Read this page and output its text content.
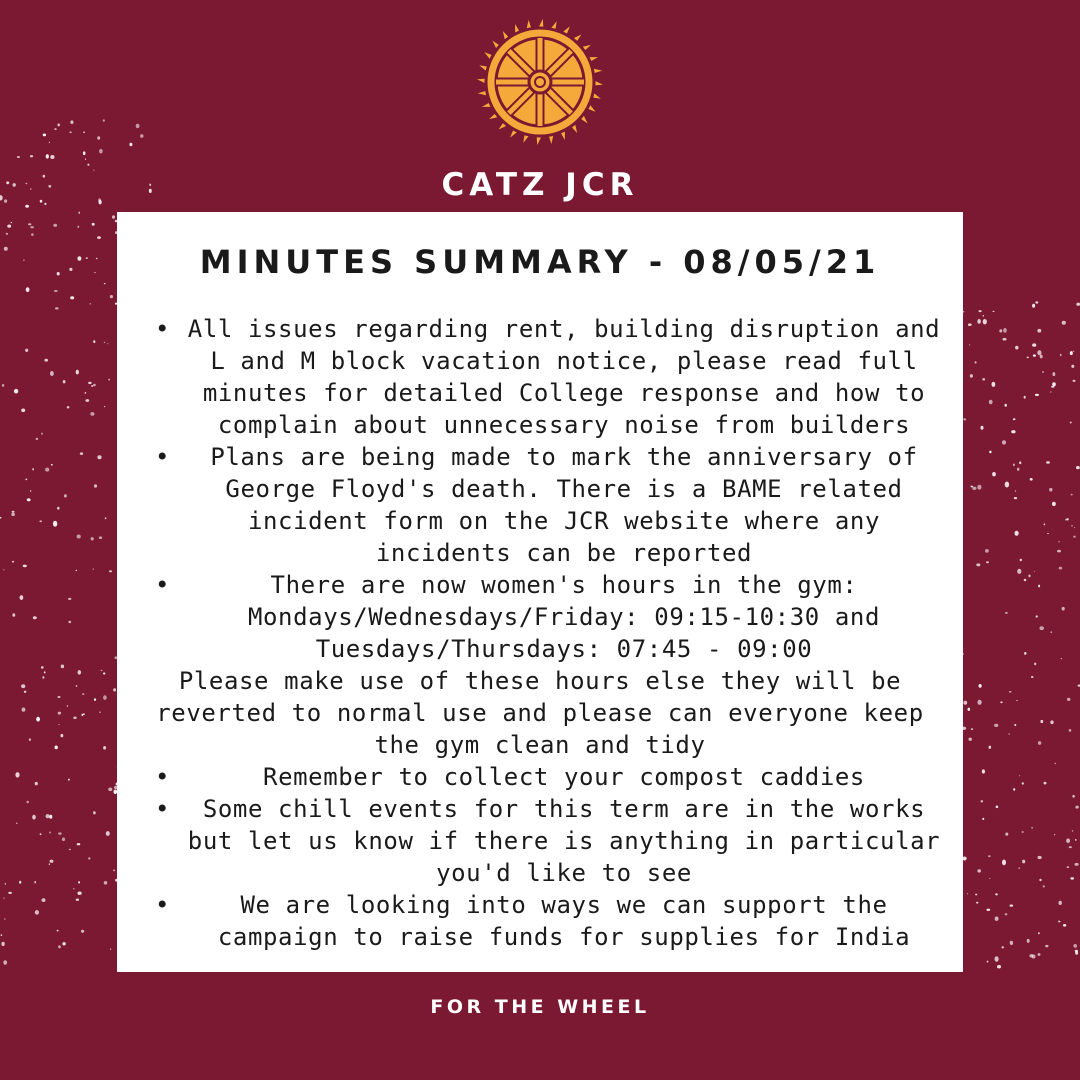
CATZ JCR
MINUTES SUMMARY - 08/05/21
• All issues regarding rent, building disruption and
L and M block vacation notice, please read full
minutes for detailed College response and how to
complain about unnecessary noise from builders
•	Plans are being made to mark the anniversary of
George Floyd's death. There is a BAME related
incident form on the JCR website where any
incidents can be reported
•	There are now women's hours in the gym:
Mondays/Wednesdays/Friday: 09:15-10:30 and
Tuesdays/Thursdays: 07:45 - 09:00
Please make use of these hours else they will be
reverted to normal use and please can everyone keep
the gym clean and tidy
•	Remember to collect your compost caddies
•	Some chill events for this term are in the works
but let us know if there is anything in particular
you'd like to see
•	We are looking into ways we can support the
campaign to raise funds for supplies for India
FOR THE WHEEL
